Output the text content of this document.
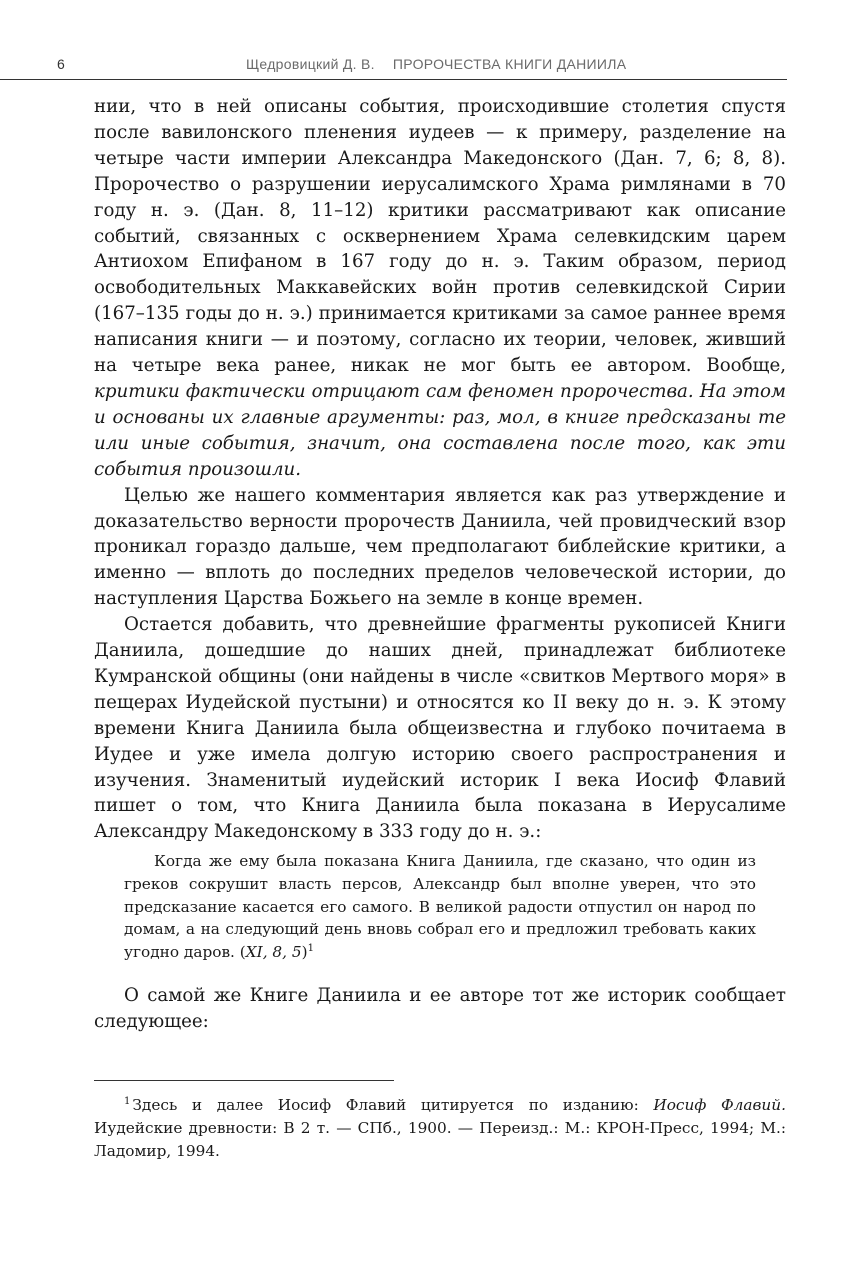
6	Щедровицкий Д. В. ПРОРОЧЕСТВА КНИГИ ДАНИИЛА

нии, что в ней описаны события, происходившие столетия спустя после вавилонского пленения иудеев — к примеру, разделение на четыре части империи Александра Македонского (Дан. 7, 6; 8, 8). Пророчество о разрушении иерусалимского Храма римлянами в 70 году н. э. (Дан. 8, 11–12) критики рассматривают как описание событий, связанных с осквернением Храма селевкидским царем Антиохом Епифаном в 167 году до н. э. Таким образом, период освободительных Маккавейских войн против селевкидской Сирии (167–135 годы до н. э.) принимается критиками за самое раннее время написания книги — и поэтому, согласно их теории, человек, живший на четыре века ранее, никак не мог быть ее автором. Вообще, критики фактически отрицают сам феномен пророчества. На этом и основаны их главные аргументы: раз, мол, в книге предсказаны те или иные события, значит, она составлена после того, как эти события произошли.

Целью же нашего комментария является как раз утверждение и доказательство верности пророчеств Даниила, чей провидческий взор проникал гораздо дальше, чем предполагают библейские критики, а именно — вплоть до последних пределов человеческой истории, до наступления Царства Божьего на земле в конце времен.

Остается добавить, что древнейшие фрагменты рукописей Книги Даниила, дошедшие до наших дней, принадлежат библиотеке Кумранской общины (они найдены в числе «свитков Мертвого моря» в пещерах Иудейской пустыни) и относятся ко II веку до н. э. К этому времени Книга Даниила была общеизвестна и глубоко почитаема в Иудее и уже имела долгую историю своего распространения и изучения. Знаменитый иудейский историк I века Иосиф Флавий пишет о том, что Книга Даниила была показана в Иерусалиме Александру Македонскому в 333 году до н. э.:

Когда же ему была показана Книга Даниила, где сказано, что один из греков сокрушит власть персов, Александр был вполне уверен, что это предсказание касается его самого. В великой радости отпустил он народ по домам, а на следующий день вновь собрал его и предложил требовать каких угодно даров. (XI, 8, 5)$^1$
О самой же Книге Даниила и ее авторе тот же историк сообщает следующее:
$^1$ Здесь и далее Иосиф Флавий цитируется по изданию: Иосиф Флавий. Иудейские древности: В 2 т. — СПб., 1900. — Переизд.: М.: КРОН-Пресс, 1994; М.: Ладомир, 1994.
